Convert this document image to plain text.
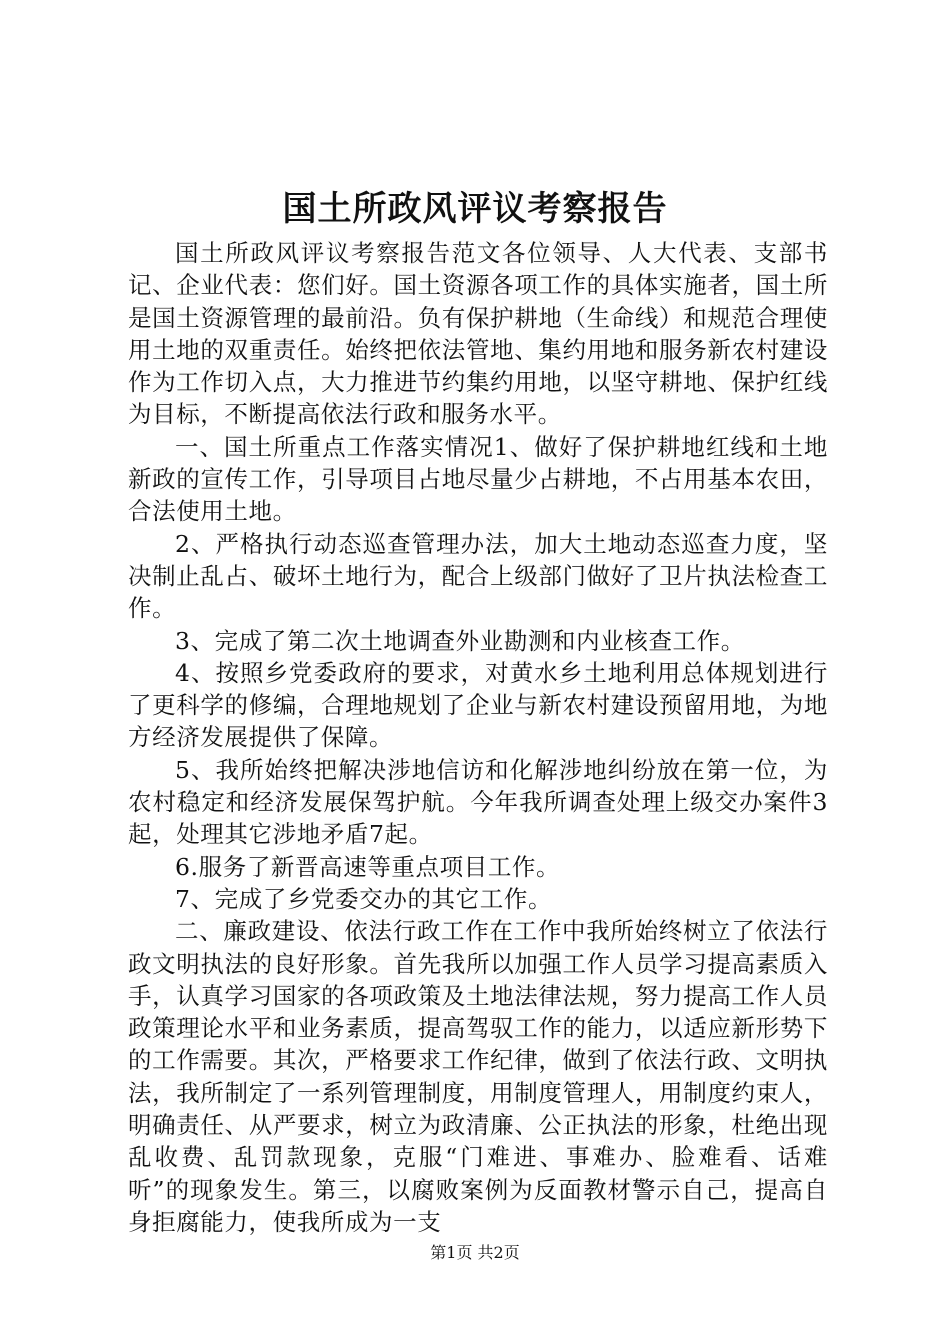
国土所政风评议考察报告

国土所政风评议考察报告范文各位领导、人大代表、支部书记、企业代表：您们好。国土资源各项工作的具体实施者，国土所是国土资源管理的最前沿。负有保护耕地（生命线）和规范合理使用土地的双重责任。始终把依法管地、集约用地和服务新农村建设作为工作切入点，大力推进节约集约用地，以坚守耕地、保护红线为目标，不断提高依法行政和服务水平。

一、国土所重点工作落实情况1、做好了保护耕地红线和土地新政的宣传工作，引导项目占地尽量少占耕地，不占用基本农田，合法使用土地。

2、严格执行动态巡查管理办法，加大土地动态巡查力度，坚决制止乱占、破坏土地行为，配合上级部门做好了卫片执法检查工作。

3、完成了第二次土地调查外业勘测和内业核查工作。

4、按照乡党委政府的要求，对黄水乡土地利用总体规划进行了更科学的修编，合理地规划了企业与新农村建设预留用地，为地方经济发展提供了保障。

5、我所始终把解决涉地信访和化解涉地纠纷放在第一位，为农村稳定和经济发展保驾护航。今年我所调查处理上级交办案件3起，处理其它涉地矛盾7起。

6.服务了新晋高速等重点项目工作。

7、完成了乡党委交办的其它工作。

二、廉政建设、依法行政工作在工作中我所始终树立了依法行政文明执法的良好形象。首先我所以加强工作人员学习提高素质入手，认真学习国家的各项政策及土地法律法规，努力提高工作人员政策理论水平和业务素质，提高驾驭工作的能力，以适应新形势下的工作需要。其次，严格要求工作纪律，做到了依法行政、文明执法，我所制定了一系列管理制度，用制度管理人，用制度约束人，明确责任、从严要求，树立为政清廉、公正执法的形象，杜绝出现乱收费、乱罚款现象，克服“门难进、事难办、脸难看、话难听”的现象发生。第三，以腐败案例为反面教材警示自己，提高自身拒腐能力，使我所成为一支

第1页 共2页
